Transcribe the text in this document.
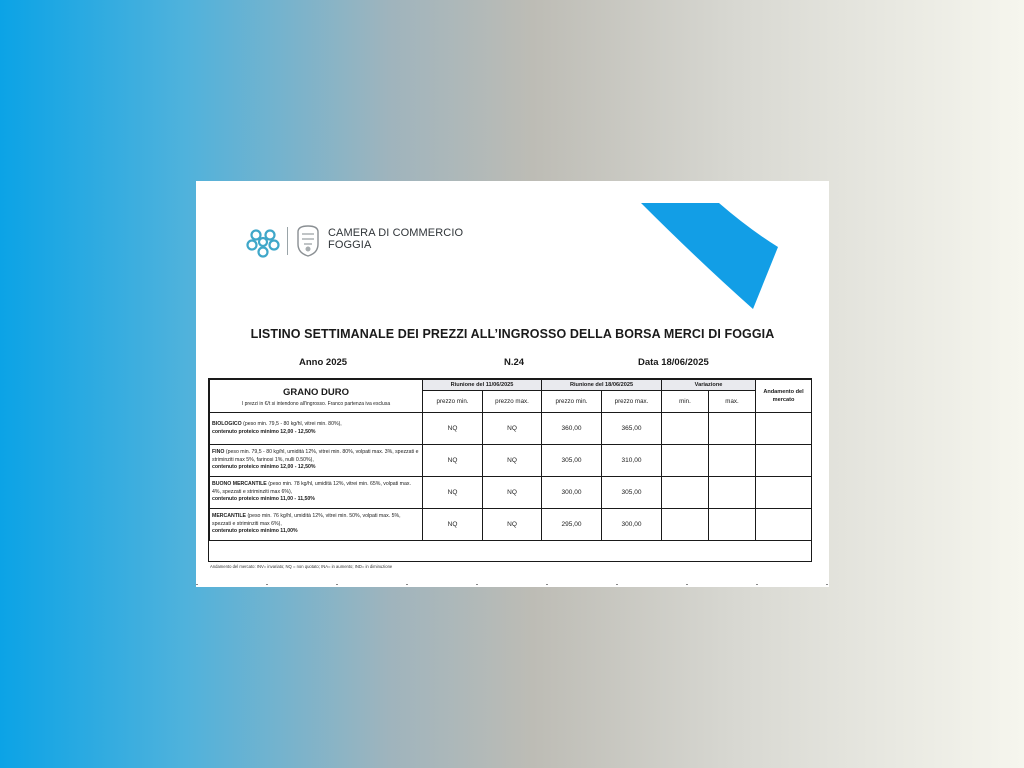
CAMERA DI COMMERCIO
FOGGIA
LISTINO SETTIMANALE DEI PREZZI ALL’INGROSSO DELLA BORSA MERCI DI FOGGIA
Anno 2025	N.24	Data 18/06/2025
GRANO DURO
I prezzi in €/t si intendono all'ingrosso. Franco partenza iva esclusa	Riunione del 11/06/2025		Riunione del 18/06/2025		Variazione		Andamento del mercato
	prezzo min.	prezzo max.	prezzo min.	prezzo max.	min.	max.	
BIOLOGICO (peso min. 79,5 - 80 kg/hl, vitrei min. 80%),
contenuto proteico minimo 12,00 - 12,50%	NQ	NQ	360,00	365,00			
FINO (peso min. 79,5 - 80 kg/hl, umidità 12%, vitrei min. 80%, volpati max. 3%, spezzati e striminziti max 5%, farinosi 1%, nulli 0.50%),
contenuto proteico minimo 12,00 - 12,50%	NQ	NQ	305,00	310,00			
BUONO MERCANTILE (peso min. 78 kg/hl, umidità 12%, vitrei min. 65%, volpati max. 4%, spezzati e striminziti max 6%),
contenuto proteico minimo 11,00 - 11,50%	NQ	NQ	300,00	305,00			
MERCANTILE (peso min. 76 kg/hl, umidità 12%, vitrei min. 50%, volpati max. 5%, spezzati e striminziti max 6%),
contenuto proteico minimo 11,00%	NQ	NQ	295,00	300,00			
Andamento del mercato: INV= invariato; NQ = non quotato; INA= in aumento; IND= in diminuzione
